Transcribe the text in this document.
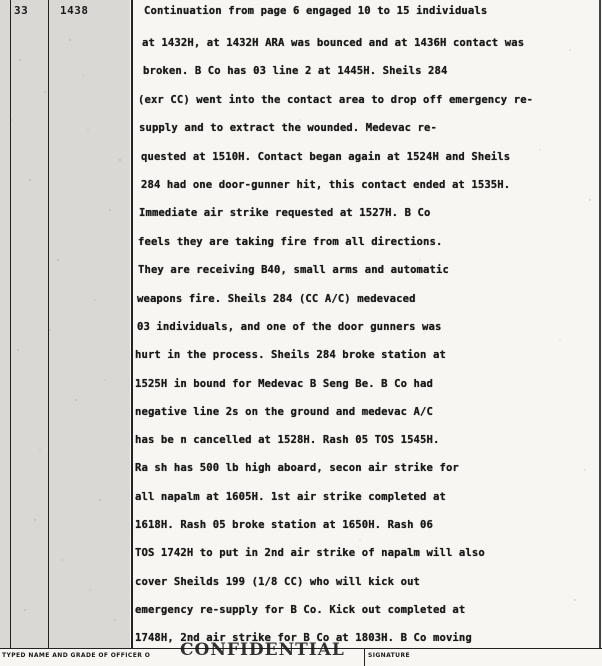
33	1438	Continuation from page 6 engaged 10 to 15 individuals
at 1432H, at 1432H ARA was bounced and at 1436H contact was
broken. B Co has 03 line 2 at 1445H. Sheils 284
(exr CC) went into the contact area to drop off emergency re-
supply and to extract the wounded. Medevac re-
quested at 1510H. Contact began again at 1524H and Sheils
284 had one door-gunner hit, this contact ended at 1535H.
Immediate air strike requested at 1527H. B Co
feels they are taking fire from all directions.
They are receiving B40, small arms and automatic
weapons fire. Sheils 284 (CC A/C) medevaced
03 individuals, and one of the door gunners was
hurt in the process. Sheils 284 broke station at
1525H in bound for Medevac B Seng Be. B Co had
negative line 2s on the ground and medevac A/C
has be n cancelled at 1528H. Rash 05 TOS 1545H.
Ra sh has 500 lb high aboard, secon air strike for
all napalm at 1605H. 1st air strike completed at
1618H. Rash 05 broke station at 1650H. Rash 06
TOS 1742H to put in 2nd air strike of napalm will also
cover Sheilds 199 (1/8 CC) who will kick out
emergency re-supply for B Co. Kick out completed at
1748H, 2nd air strike for B Co at 1803H. B Co moving
TYPED NAME AND GRADE OF OFFICER O	SIGNATURE
CONFIDENTIAL
